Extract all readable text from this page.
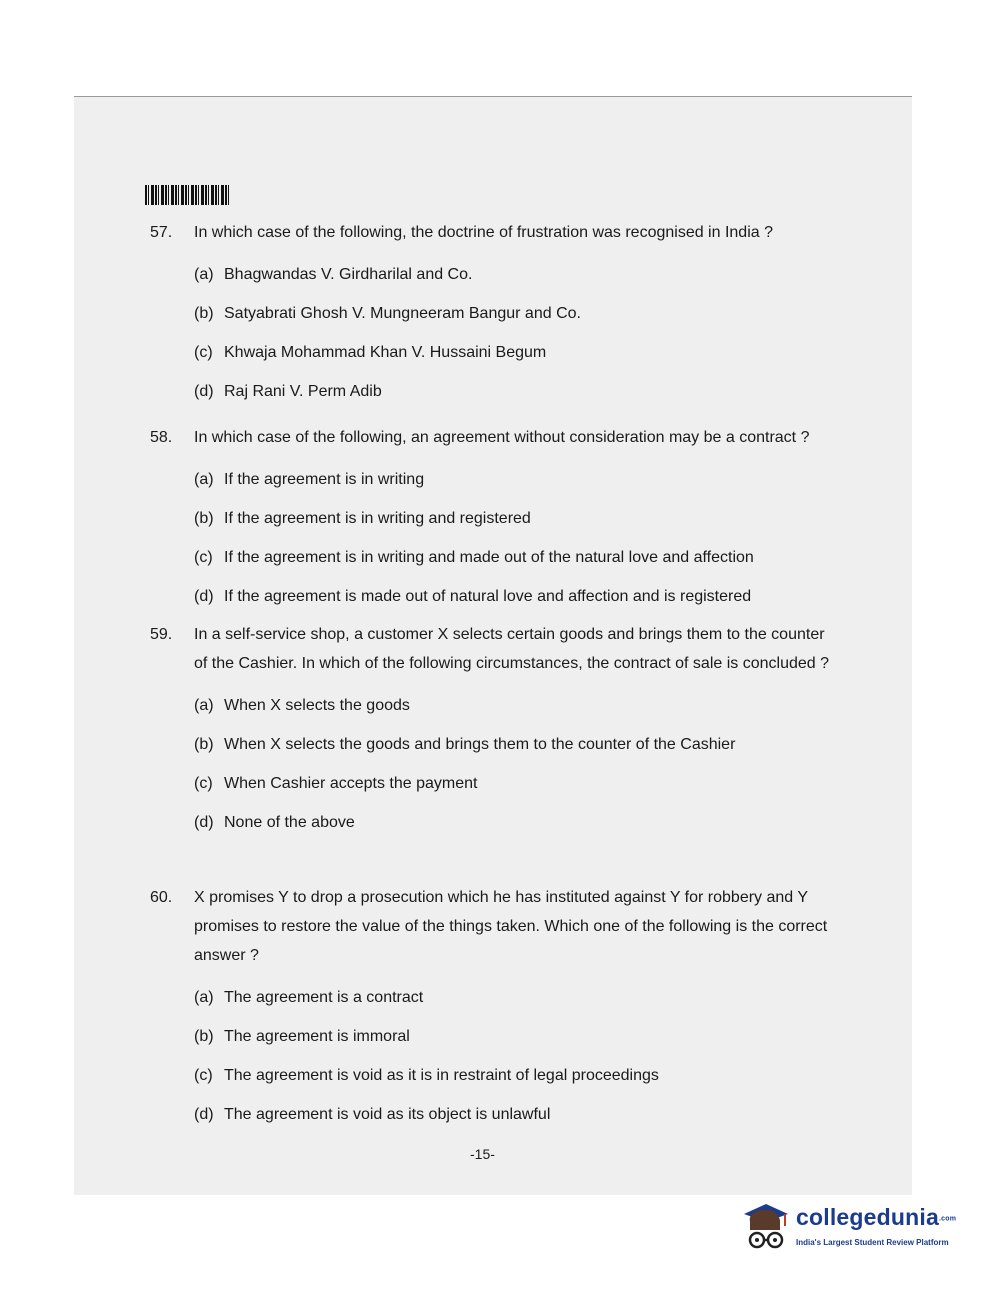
57.	In which case of the following, the doctrine of frustration was recognised in India ?
(a) Bhagwandas V. Girdharilal and Co.
(b) Satyabrati Ghosh V. Mungneeram Bangur and Co.
(c) Khwaja Mohammad Khan V. Hussaini Begum
(d) Raj Rani V. Perm Adib
58.	In which case of the following, an agreement without consideration may be a contract ?
(a) If the agreement is in writing
(b) If the agreement is in writing and registered
(c) If the agreement is in writing and made out of the natural love and affection
(d) If the agreement is made out of natural love and affection and is registered
59.	In a self-service shop, a customer X selects certain goods and brings them to the counter of the Cashier. In which of the following circumstances, the contract of sale is concluded ?
(a) When X selects the goods
(b) When X selects the goods and brings them to the counter of the Cashier
(c) When Cashier accepts the payment
(d) None of the above
60.	X promises Y to drop a prosecution which he has instituted against Y for robbery and Y promises to restore the value of the things taken. Which one of the following is the correct answer ?
(a) The agreement is a contract
(b) The agreement is immoral
(c) The agreement is void as it is in restraint of legal proceedings
(d) The agreement is void as its object is unlawful
-15-
collegedunia.com
India's Largest Student Review Platform
